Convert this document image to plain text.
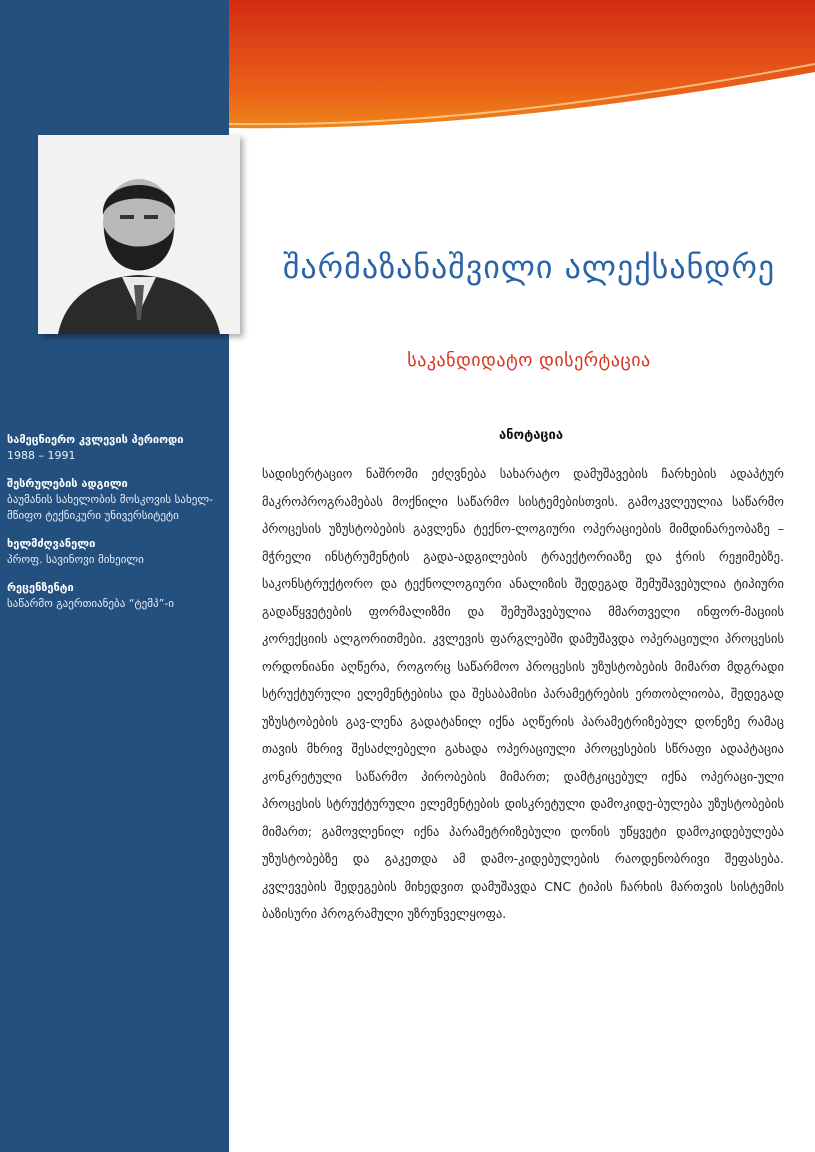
შარმაზანაშვილი ალექსანდრე
საკანდიდატო დისერტაცია
სამეცნიერო კვლევის პერიოდი
1988 – 1991
შესრულების ადგილი
ბაუმანის სახელობის მოსკოვის სახელ-მწიფო ტექნიკური უნივერსიტეტი
ხელმძღვანელი
პროფ. სავინოვი მიხეილი
რეცენზენტი
საწარმო გაერთიანება “ტემპ”-ი
ანოტაცია
სადისერტაციო ნაშრომი ეძღვნება სახარატო დამუშავების ჩარხების ადაპტურ მაკროპროგრამებას მოქნილი საწარმო სისტემებისთვის. გამოკვლეულია საწარმო პროცესის უზუსტობების გავლენა ტექნო-ლოგიური ოპერაციების მიმდინარეობაზე – მჭრელი ინსტრუმენტის გადა-ადგილების ტრაექტორიაზე და ჭრის რეჟიმებზე. საკონსტრუქტორო და ტექნოლოგიური ანალიზის შედეგად შემუშავებულია ტიპიური გადაწყვეტების ფორმალიზმი და შემუშავებულია მმართველი ინფორ-მაციის კორექციის ალგორითმები. კვლევის ფარგლებში დამუშავდა ოპერაციული პროცესის ორდონიანი აღწერა, როგორც საწარმოო პროცესის უზუსტობების მიმართ მდგრადი სტრუქტურული ელემენტებისა და შესაბამისი პარამეტრების ერთობლიობა, შედეგად უზუსტობების გავ-ლენა გადატანილ იქნა აღწერის პარამეტრიზებულ დონეზე რამაც თავის მხრივ შესაძლებელი გახადა ოპერაციული პროცესების სწრაფი ადაპტაცია კონკრეტული საწარმო პირობების მიმართ; დამტკიცებულ იქნა ოპერაცი-ული პროცესის სტრუქტურული ელემენტების დისკრეტული დამოკიდე-ბულება უზუსტობების მიმართ; გამოვლენილ იქნა პარამეტრიზებული დონის უწყვეტი დამოკიდებულება უზუსტობებზე და გაკეთდა ამ დამო-კიდებულების რაოდენობრივი შეფასება. კვლევების შედეგების მიხედვით დამუშავდა CNC ტიპის ჩარხის მართვის სისტემის ბაზისური პროგრამული უზრუნველყოფა.
